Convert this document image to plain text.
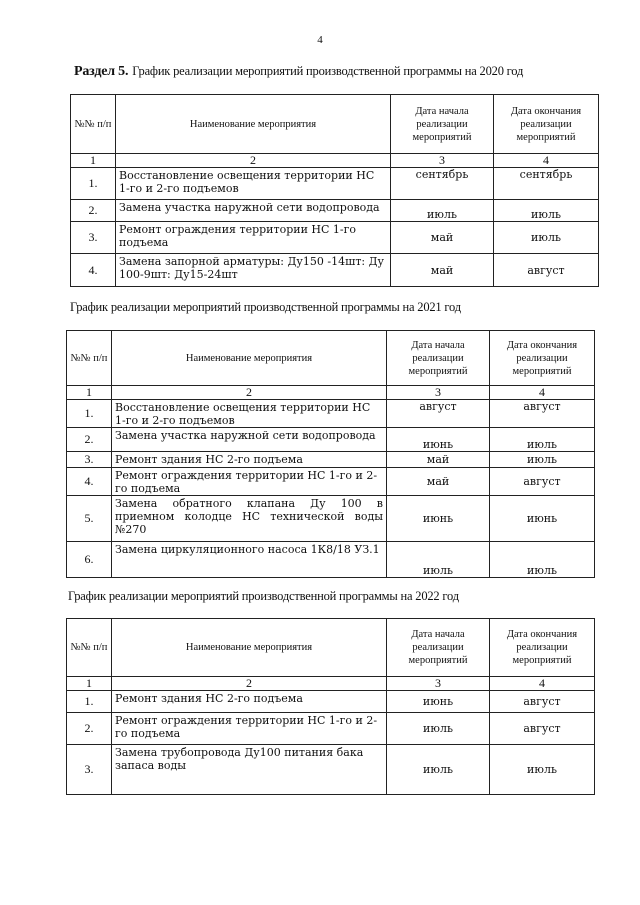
4
Раздел 5. График реализации мероприятий производственной программы на 2020 год
№№ п/п	Наименование мероприятия	Дата начала реализации мероприятий	Дата окончания реализации мероприятий
1	2	3	4
1.	Восстановление освещения территории НС 1-го и 2-го подъемов	сентябрь	сентябрь
2.	Замена участка наружной сети водопровода	июль	июль
3.	Ремонт ограждения территории НС 1-го подъема	май	июль
4.	Замена запорной арматуры: Ду150 -14шт: Ду 100-9шт: Ду15-24шт	май	август
График реализации мероприятий производственной программы на 2021 год
№№ п/п	Наименование мероприятия	Дата начала реализации мероприятий	Дата окончания реализации мероприятий
1	2	3	4
1.	Восстановление освещения территории НС 1-го и 2-го подъемов	август	август
2.	Замена участка наружной сети водопровода	июнь	июль
3.	Ремонт здания НС 2-го подъема	май	июль
4.	Ремонт ограждения территории НС 1-го и 2-го подъема	май	август
5.	Замена обратного клапана Ду 100 в приемном колодце НС технической воды №270	июнь	июнь
6.	Замена циркуляционного насоса 1К8/18 УЗ.1	июль	июль
График реализации мероприятий производственной программы на 2022 год
№№ п/п	Наименование мероприятия	Дата начала реализации мероприятий	Дата окончания реализации мероприятий
1	2	3	4
1.	Ремонт здания НС 2-го подъема	июнь	август
2.	Ремонт ограждения территории НС 1-го и 2-го подъема	июль	август
3.	Замена трубопровода Ду100 питания бака запаса воды	июль	июль
